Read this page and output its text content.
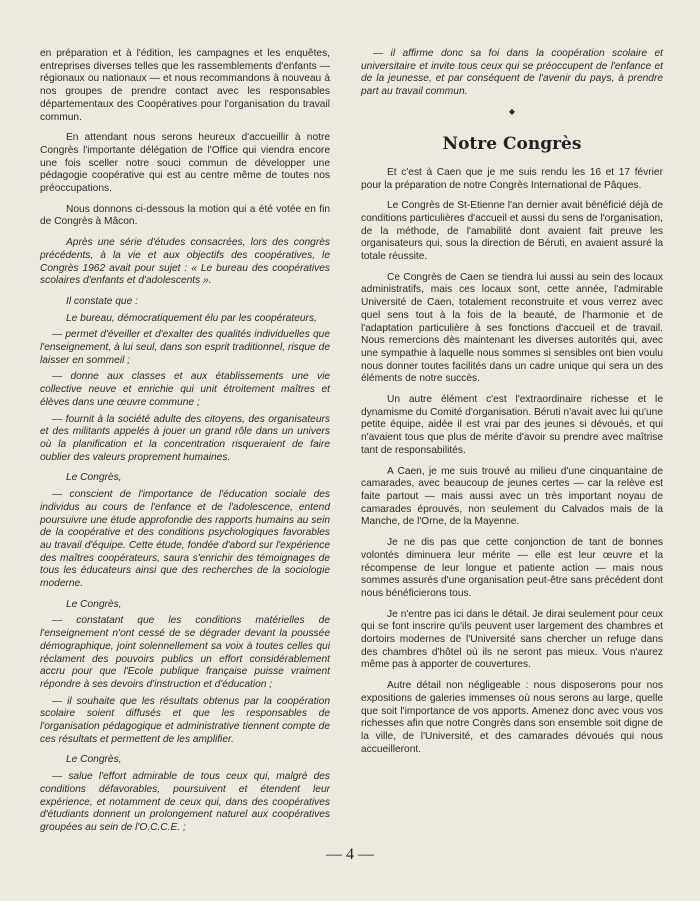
en préparation et à l'édition, les campagnes et les enquêtes, entreprises diverses telles que les rassemblements d'enfants — régionaux ou nationaux — et nous recommandons à nouveau à nos groupes de prendre contact avec les responsables départementaux des Coopératives pour l'organisation du travail commun.

En attendant nous serons heureux d'accueillir à notre Congrès l'importante délégation de l'Office qui viendra encore une fois sceller notre souci commun de développer une pédagogie coopérative qui est au centre même de toutes nos préoccupations.

Nous donnons ci-dessous la motion qui a été votée en fin de Congrès à Mâcon.

Après une série d'études consacrées, lors des congrès précédents, à la vie et aux objectifs des coopératives, le Congrès 1962 avait pour sujet : « Le bureau des coopératives scolaires d'enfants et d'adolescents ».

Il constate que :

Le bureau, démocratiquement élu par les coopérateurs,

— permet d'éveiller et d'exalter des qualités individuelles que l'enseignement, à lui seul, dans son esprit traditionnel, risque de laisser en sommeil ;

— donne aux classes et aux établissements une vie collective neuve et enrichie qui unit étroitement maîtres et élèves dans une œuvre commune ;

— fournit à la société adulte des citoyens, des organisateurs et des militants appelés à jouer un grand rôle dans un univers où la planification et la concentration risqueraient de faire oublier des valeurs proprement humaines.

Le Congrès,

— conscient de l'importance de l'éducation sociale des individus au cours de l'enfance et de l'adolescence, entend poursuivre une étude approfondie des rapports humains au sein de la coopérative et des conditions psychologiques favorables au travail d'équipe. Cette étude, fondée d'abord sur l'expérience des maîtres coopérateurs, saura s'enrichir des témoignages de tous les éducateurs ainsi que des recherches de la sociologie moderne.

Le Congrès,

— constatant que les conditions matérielles de l'enseignement n'ont cessé de se dégrader devant la poussée démographique, joint solennellement sa voix à toutes celles qui réclament des pouvoirs publics un effort considérablement accru pour que l'Ecole publique française puisse vraiment répondre à ses devoirs d'instruction et d'éducation ;

— il souhaite que les résultats obtenus par la coopération scolaire soient diffusés et que les responsables de l'organisation pédagogique et administrative tiennent compte de ces résultats et permettent de les amplifier.

Le Congrès,

— salue l'effort admirable de tous ceux qui, malgré des conditions défavorables, poursuivent et étendent leur expérience, et notamment de ceux qui, dans des coopératives d'étudiants donnent un prolongement naturel aux coopératives groupées au sein de l'O.C.C.E. ;

— il affirme donc sa foi dans la coopération scolaire et universitaire et invite tous ceux qui se préoccupent de l'enfance et de la jeunesse, et par conséquent de l'avenir du pays, à prendre part au travail commun.

◆
Notre Congrès

Et c'est à Caen que je me suis rendu les 16 et 17 février pour la préparation de notre Congrès International de Pâques.

Le Congrès de St-Etienne l'an dernier avait bénéficié déjà de conditions particulières d'accueil et aussi du sens de l'organisation, de la méthode, de l'amabilité dont avaient fait preuve les organisateurs qui, sous la direction de Béruti, en avaient assuré la totale réussite.

Ce Congrès de Caen se tiendra lui aussi au sein des locaux administratifs, mais ces locaux sont, cette année, l'admirable Université de Caen, totalement reconstruite et vous verrez avec quel sens tout à la fois de la beauté, de l'harmonie et de l'adaptation particulière à ses fonctions d'accueil et de travail. Nous remercions dès maintenant les diverses autorités qui, avec une sympathie à laquelle nous sommes si sensibles ont bien voulu nous donner toutes facilités dans un cadre unique qui sera un des éléments de notre succès.

Un autre élément c'est l'extraordinaire richesse et le dynamisme du Comité d'organisation. Béruti n'avait avec lui qu'une petite équipe, aidée il est vrai par des jeunes si dévoués, et qui n'avaient tous que plus de mérite d'avoir su prendre avec maîtrise tant de responsabilités.

A Caen, je me suis trouvé au milieu d'une cinquantaine de camarades, avec beaucoup de jeunes certes — car la relève est faite partout — mais aussi avec un très important noyau de camarades éprouvés, non seulement du Calvados mais de la Manche, de l'Orne, de la Mayenne.

Je ne dis pas que cette conjonction de tant de bonnes volontés diminuera leur mérite — elle est leur œuvre et la récompense de leur longue et patiente action — mais nous sommes assurés d'une organisation peut-être sans précédent dont nous bénéficierons tous.

Je n'entre pas ici dans le détail. Je dirai seulement pour ceux qui se font inscrire qu'ils peuvent user largement des chambres et dortoirs modernes de l'Université sans chercher un refuge dans des chambres d'hôtel où ils ne seront pas mieux. Vous n'aurez même pas à apporter de couvertures.

Autre détail non négligeable : nous disposerons pour nos expositions de galeries immenses où nous serons au large, quelle que soit l'importance de vos apports. Amenez donc avec vous vos richesses afin que notre Congrès dans son ensemble soit digne de la ville, de l'Université, et des camarades dévoués qui nous accueilleront.

— 4 —
